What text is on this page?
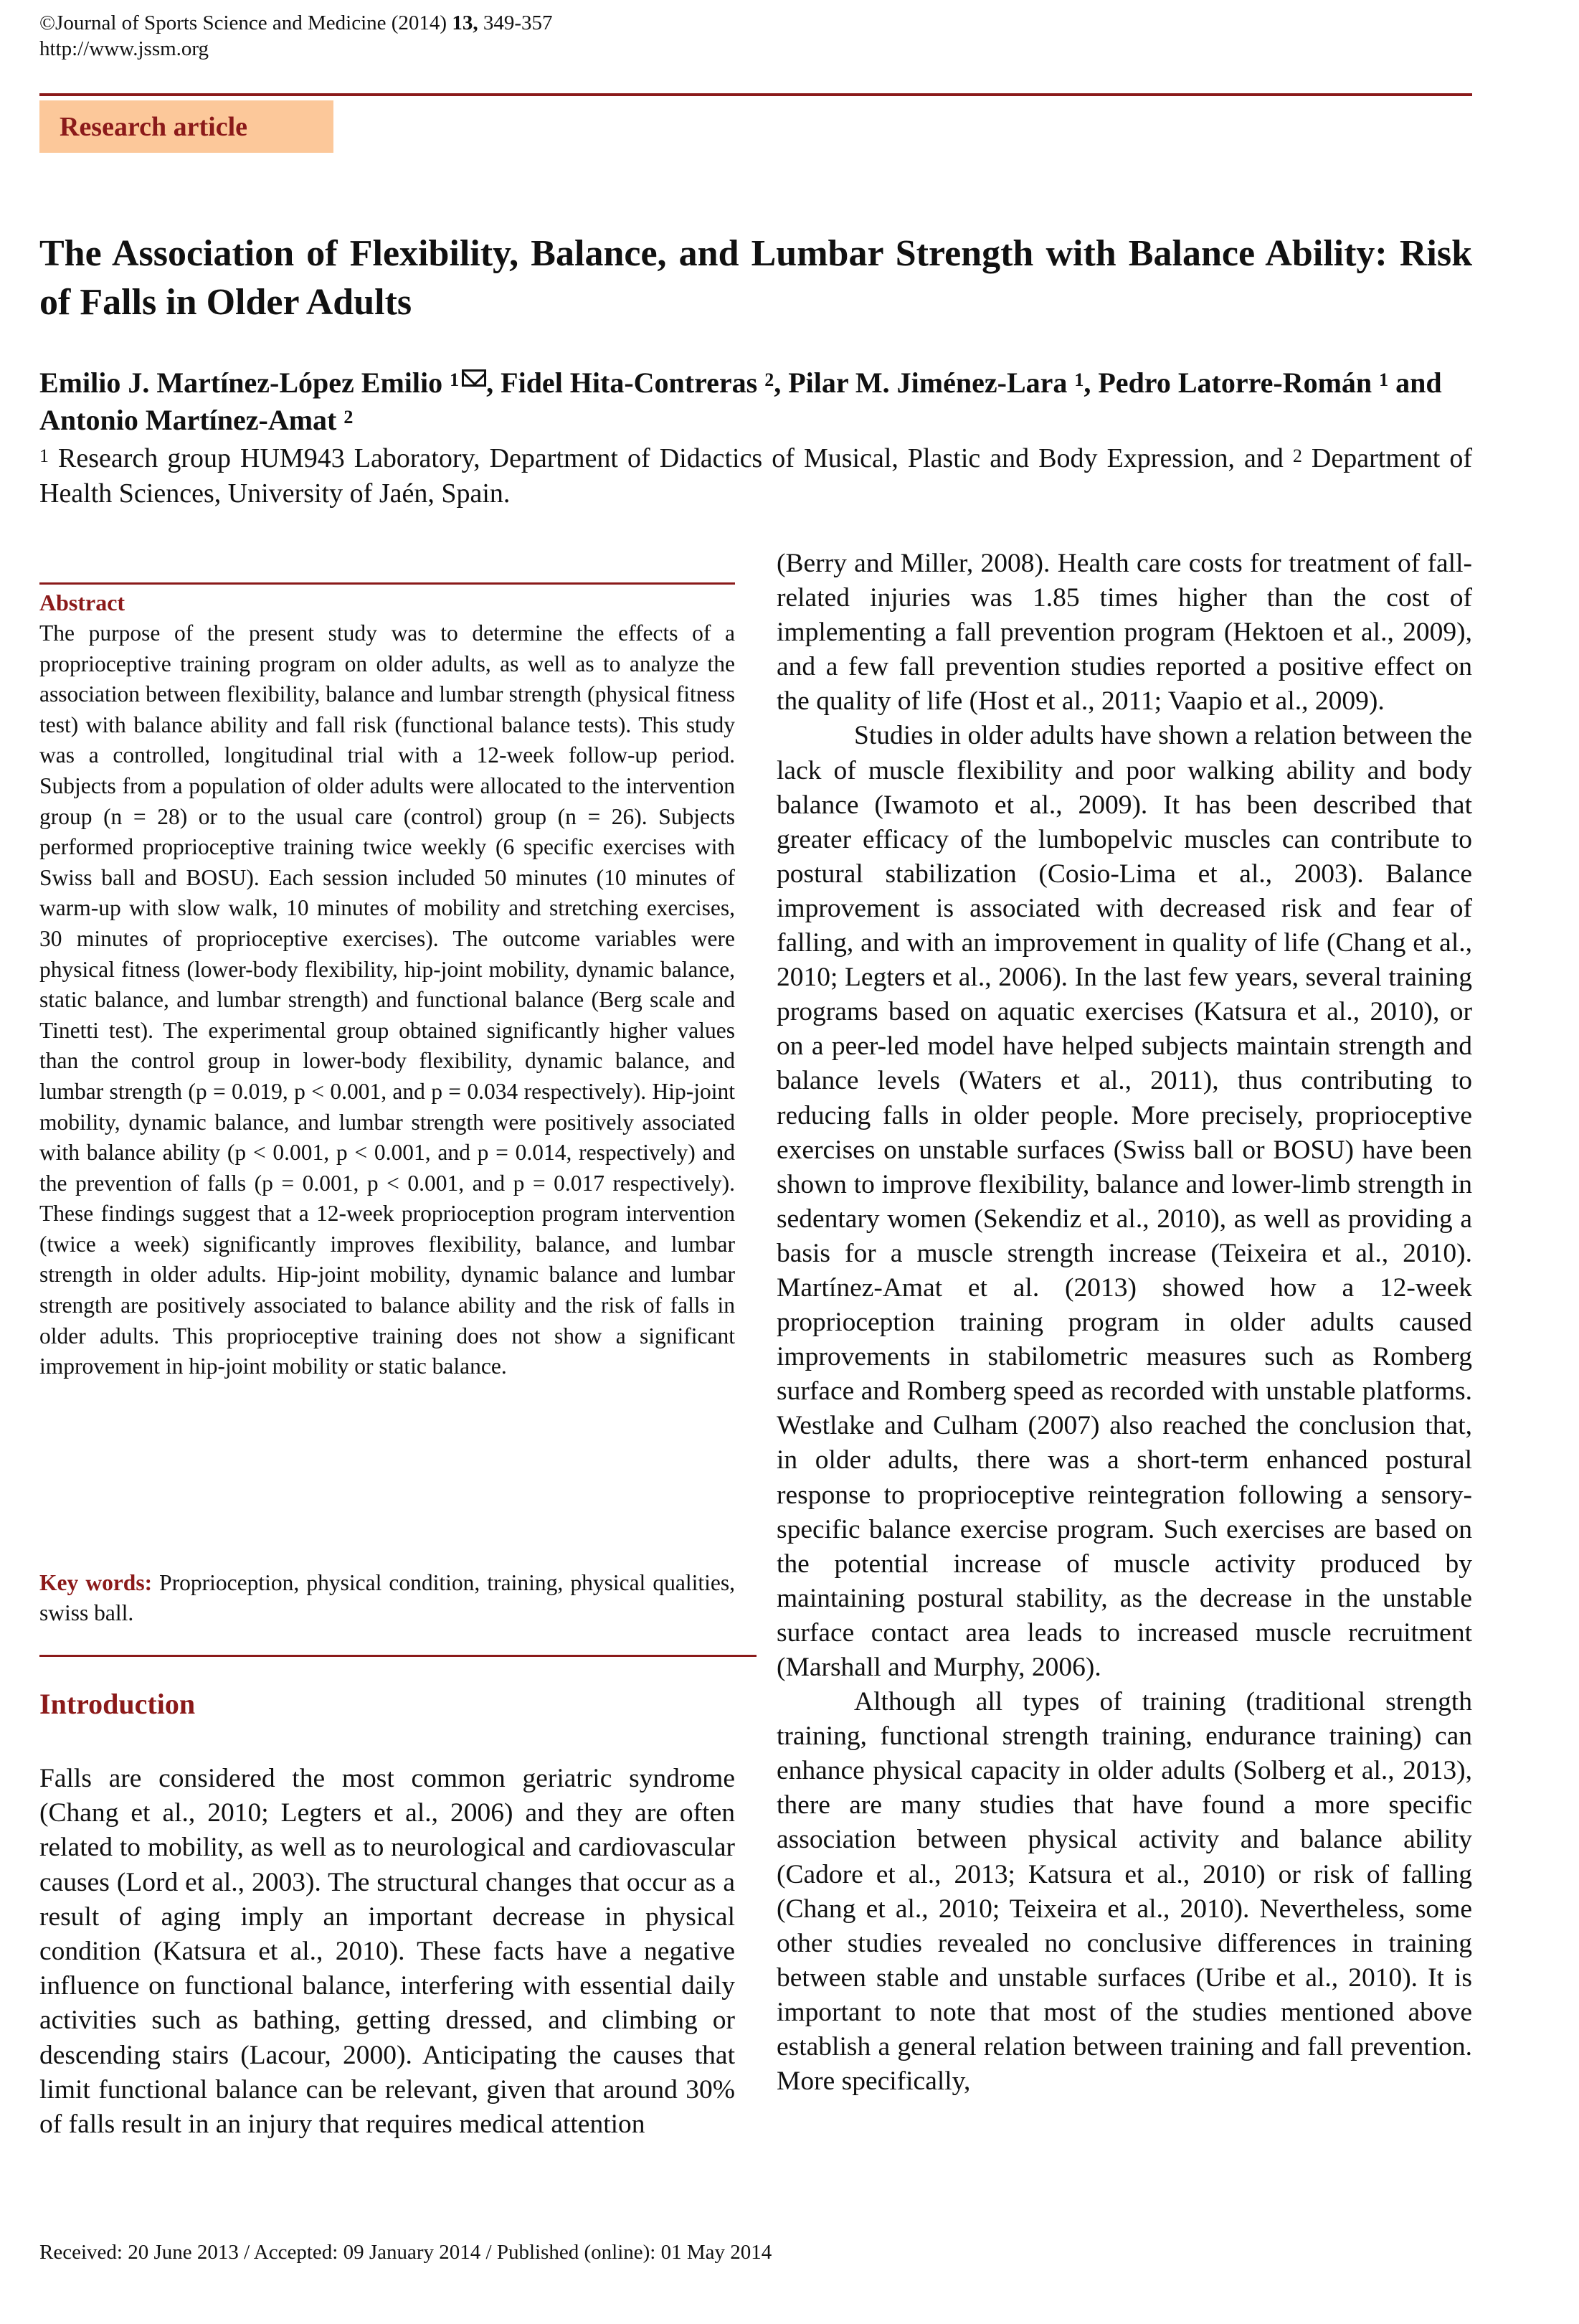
©Journal of Sports Science and Medicine (2014) 13, 349-357
http://www.jssm.org
Research article
The Association of Flexibility, Balance, and Lumbar Strength with Balance Ability: Risk of Falls in Older Adults
Emilio J. Martínez-López Emilio $^1$ , Fidel Hita-Contreras $^2$, Pilar M. Jiménez-Lara $^1$, Pedro Latorre-Román $^1$ and Antonio Martínez-Amat $^2$
$^1$ Research group HUM943 Laboratory, Department of Didactics of Musical, Plastic and Body Expression, and $^2$ Department of Health Sciences, University of Jaén, Spain.
Abstract
The purpose of the present study was to determine the effects of a proprioceptive training program on older adults, as well as to analyze the association between flexibility, balance and lumbar strength (physical fitness test) with balance ability and fall risk (functional balance tests). This study was a controlled, longitudinal trial with a 12-week follow-up period. Subjects from a population of older adults were allocated to the intervention group (n = 28) or to the usual care (control) group (n = 26). Subjects performed proprioceptive training twice weekly (6 specific exercises with Swiss ball and BOSU). Each session included 50 minutes (10 minutes of warm-up with slow walk, 10 minutes of mobility and stretching exercises, 30 minutes of proprioceptive exercises). The outcome variables were physical fitness (lower-body flexibility, hip-joint mobility, dynamic balance, static balance, and lumbar strength) and functional balance (Berg scale and Tinetti test). The experimental group obtained significantly higher values than the control group in lower-body flexibility, dynamic balance, and lumbar strength (p = 0.019, p < 0.001, and p = 0.034 respectively). Hip-joint mobility, dynamic balance, and lumbar strength were positively associated with balance ability (p < 0.001, p < 0.001, and p = 0.014, respectively) and the prevention of falls (p = 0.001, p < 0.001, and p = 0.017 respectively). These findings suggest that a 12-week proprioception program intervention (twice a week) significantly improves flexibility, balance, and lumbar strength in older adults. Hip-joint mobility, dynamic balance and lumbar strength are positively associated to balance ability and the risk of falls in older adults. This proprioceptive training does not show a significant improvement in hip-joint mobility or static balance.
Key words: Proprioception, physical condition, training, physical qualities, swiss ball.
Introduction
Falls are considered the most common geriatric syndrome (Chang et al., 2010; Legters et al., 2006) and they are often related to mobility, as well as to neurological and cardiovascular causes (Lord et al., 2003). The structural changes that occur as a result of aging imply an important decrease in physical condition (Katsura et al., 2010). These facts have a negative influence on functional balance, interfering with essential daily activities such as bathing, getting dressed, and climbing or descending stairs (Lacour, 2000). Anticipating the causes that limit functional balance can be relevant, given that around 30% of falls result in an injury that requires medical attention

(Berry and Miller, 2008). Health care costs for treatment of fall-related injuries was 1.85 times higher than the cost of implementing a fall prevention program (Hektoen et al., 2009), and a few fall prevention studies reported a positive effect on the quality of life (Host et al., 2011; Vaapio et al., 2009).

Studies in older adults have shown a relation between the lack of muscle flexibility and poor walking ability and body balance (Iwamoto et al., 2009). It has been described that greater efficacy of the lumbopelvic muscles can contribute to postural stabilization (Cosio-Lima et al., 2003). Balance improvement is associated with decreased risk and fear of falling, and with an improvement in quality of life (Chang et al., 2010; Legters et al., 2006). In the last few years, several training programs based on aquatic exercises (Katsura et al., 2010), or on a peer-led model have helped subjects maintain strength and balance levels (Waters et al., 2011), thus contributing to reducing falls in older people. More precisely, proprioceptive exercises on unstable surfaces (Swiss ball or BOSU) have been shown to improve flexibility, balance and lower-limb strength in sedentary women (Sekendiz et al., 2010), as well as providing a basis for a muscle strength increase (Teixeira et al., 2010). Martínez-Amat et al. (2013) showed how a 12-week proprioception training program in older adults caused improvements in stabilometric measures such as Romberg surface and Romberg speed as recorded with unstable platforms. Westlake and Culham (2007) also reached the conclusion that, in older adults, there was a short-term enhanced postural response to proprioceptive reintegration following a sensory-specific balance exercise program. Such exercises are based on the potential increase of muscle activity produced by maintaining postural stability, as the decrease in the unstable surface contact area leads to increased muscle recruitment (Marshall and Murphy, 2006).

Although all types of training (traditional strength training, functional strength training, endurance training) can enhance physical capacity in older adults (Solberg et al., 2013), there are many studies that have found a more specific association between physical activity and balance ability (Cadore et al., 2013; Katsura et al., 2010) or risk of falling (Chang et al., 2010; Teixeira et al., 2010). Nevertheless, some other studies revealed no conclusive differences in training between stable and unstable surfaces (Uribe et al., 2010). It is important to note that most of the studies mentioned above establish a general relation between training and fall prevention. More specifically,

Received: 20 June 2013 / Accepted: 09 January 2014 / Published (online): 01 May 2014
